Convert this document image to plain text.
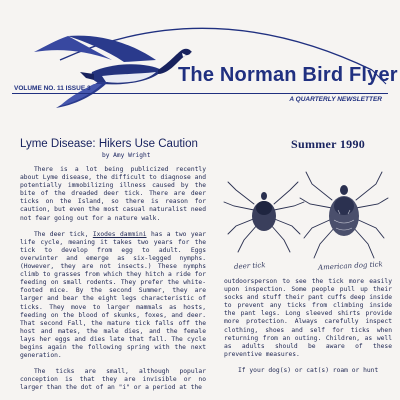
The Norman Bird Flyer
VOLUME NO. 11 ISSUE 3
A QUARTERLY NEWSLETTER
Lyme Disease: Hikers Use Caution
by Amy Wright
Summer 1990

There is a lot being publicized recently about Lyme disease, the difficult to diagnose and potentially immobilizing illness caused by the bite of the dreaded deer tick. There are deer ticks on the Island, so there is reason for caution, but even the most casual naturalist need not fear going out for a nature walk.

The deer tick, Ixodes dammini has a two year life cycle, meaning it takes two years for the tick to develop from egg to adult. Eggs overwinter and emerge as six-legged nymphs. (However, they are not insects.) These nymphs climb to grasses from which they hitch a ride for feeding on small rodents. They prefer the white-footed mice. By the second Summer, they are larger and bear the eight legs characteristic of ticks. They move to larger mammals as hosts, feeding on the blood of skunks, foxes, and deer. That second Fall, the mature tick falls off the host and mates, the male dies, and the female lays her eggs and dies late that fall. The cycle begins again the following spring with the next generation.

The ticks are small, although popular conception is that they are invisible or no larger than the dot of an "i" or a period at the

deer tick	American dog tick

outdoorsperson to see the tick more easily upon inspection. Some people pull up their socks and stuff their pant cuffs deep inside to prevent any ticks from climbing inside the pant legs. Long sleeved shirts provide more protection. Always carefully inspect clothing, shoes and self for ticks when returning from an outing. Children, as well as adults should be aware of these preventive measures.

If your dog(s) or cat(s) roam or hunt
